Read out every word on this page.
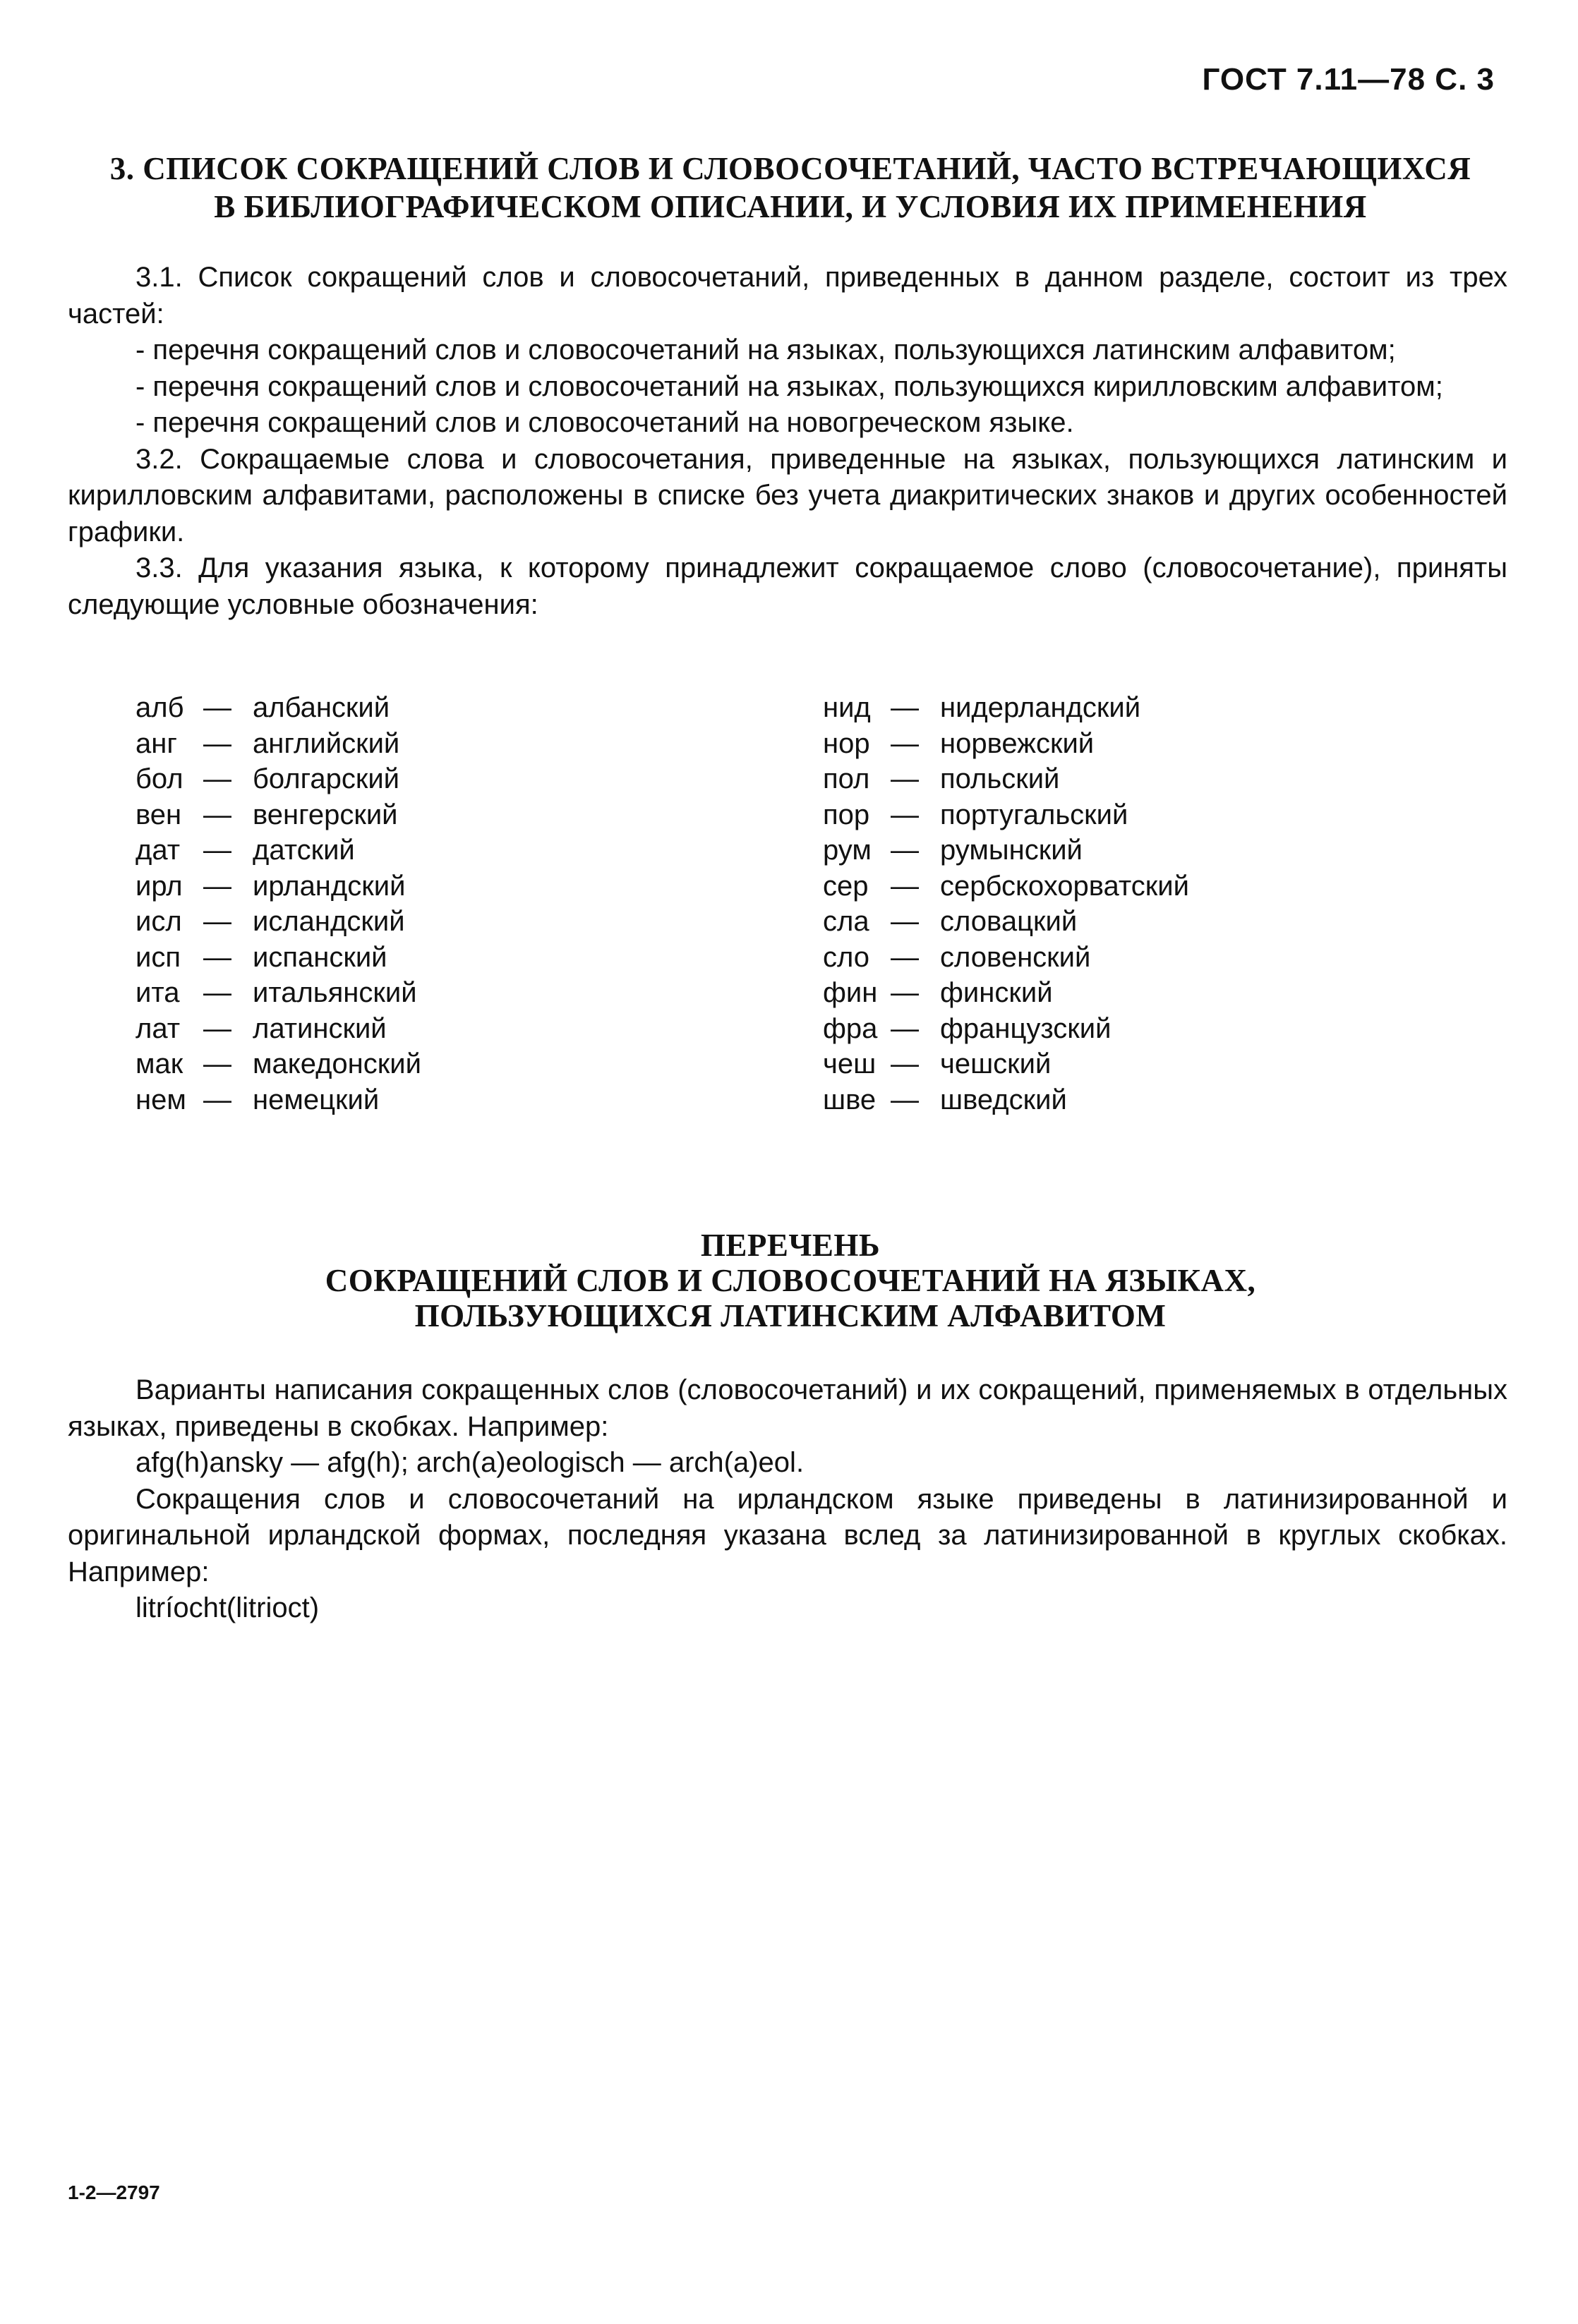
ГОСТ 7.11—78 С. 3
3. СПИСОК СОКРАЩЕНИЙ СЛОВ И СЛОВОСОЧЕТАНИЙ, ЧАСТО ВСТРЕЧАЮЩИХСЯ
В БИБЛИОГРАФИЧЕСКОМ ОПИСАНИИ, И УСЛОВИЯ ИХ ПРИМЕНЕНИЯ

3.1. Список сокращений слов и словосочетаний, приведенных в данном разделе, состоит из трех частей:

- перечня сокращений слов и словосочетаний на языках, пользующихся латинским алфавитом;

- перечня сокращений слов и словосочетаний на языках, пользующихся кирилловским алфавитом;

- перечня сокращений слов и словосочетаний на новогреческом языке.

3.2. Сокращаемые слова и словосочетания, приведенные на языках, пользующихся латинским и кирилловским алфавитами, расположены в списке без учета диакритических знаков и других особенностей графики.

3.3. Для указания языка, к которому принадлежит сокращаемое слово (словосочетание), приняты следующие условные обозначения:

алб — албанский
анг — английский
бол — болгарский
вен — венгерский
дат — датский
ирл — ирландский
исл — исландский
исп — испанский
ита — итальянский
лат — латинский
мак — македонский
нем — немецкий
нид — нидерландский
нор — норвежский
пол — польский
пор — португальский
рум — румынский
сер — сербскохорватский
сла — словацкий
сло — словенский
фин — финский
фра — французский
чеш — чешский
шве — шведский
ПЕРЕЧЕНЬ
СОКРАЩЕНИЙ СЛОВ И СЛОВОСОЧЕТАНИЙ НА ЯЗЫКАХ,
ПОЛЬЗУЮЩИХСЯ ЛАТИНСКИМ АЛФАВИТОМ

Варианты написания сокращенных слов (словосочетаний) и их сокращений, применяемых в отдельных языках, приведены в скобках. Например:

afg(h)ansky — afg(h); arch(a)eologisch — arch(a)eol.

Сокращения слов и словосочетаний на ирландском языке приведены в латинизированной и оригинальной ирландской формах, последняя указана вслед за латинизированной в круглых скобках. Например:

litríocht(litrioct)

1-2—2797
